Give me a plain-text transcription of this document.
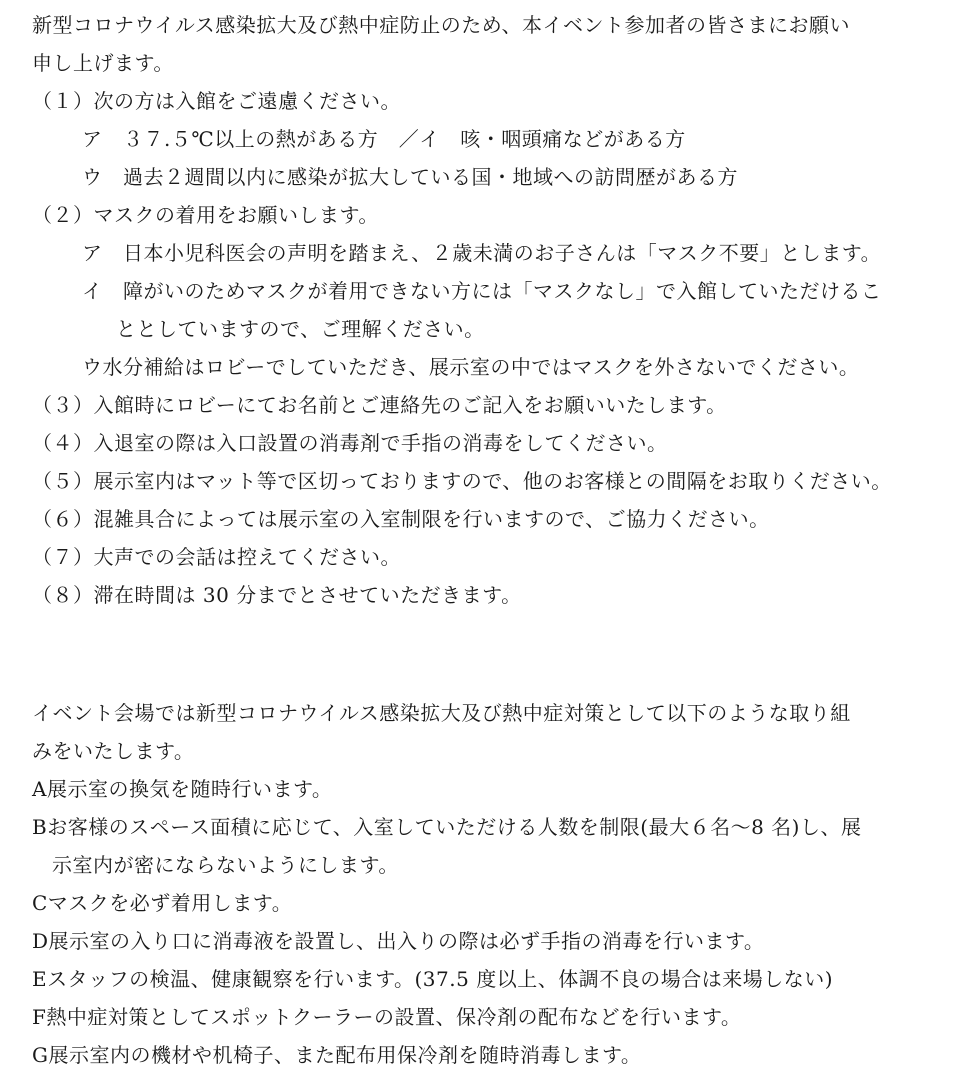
新型コロナウイルス感染拡大及び熱中症防止のため、本イベント参加者の皆さまにお願い
申し上げます。
（１）次の方は入館をご遠慮ください。
ア　３７.５℃以上の熱がある方　／イ　咳・咽頭痛などがある方
ウ　過去２週間以内に感染が拡大している国・地域への訪問歴がある方
（２）マスクの着用をお願いします。
ア　日本小児科医会の声明を踏まえ、２歳未満のお子さんは「マスク不要」とします。
イ　障がいのためマスクが着用できない方には「マスクなし」で入館していただけるこ
ととしていますので、ご理解ください。
ウ水分補給はロビーでしていただき、展示室の中ではマスクを外さないでください。
（３）入館時にロビーにてお名前とご連絡先のご記入をお願いいたします。
（４）入退室の際は入口設置の消毒剤で手指の消毒をしてください。
（５）展示室内はマット等で区切っておりますので、他のお客様との間隔をお取りください。
（６）混雑具合によっては展示室の入室制限を行いますので、ご協力ください。
（７）大声での会話は控えてください。
（８）滞在時間は 30 分までとさせていただきます。
イベント会場では新型コロナウイルス感染拡大及び熱中症対策として以下のような取り組
みをいたします。
A展示室の換気を随時行います。
Bお客様のスペース面積に応じて、入室していただける人数を制限(最大６名〜8 名)し、展
示室内が密にならないようにします。
Cマスクを必ず着用します。
D展示室の入り口に消毒液を設置し、出入りの際は必ず手指の消毒を行います。
Eスタッフの検温、健康観察を行います。(37.5 度以上、体調不良の場合は来場しない)
F熱中症対策としてスポットクーラーの設置、保冷剤の配布などを行います。
G展示室内の機材や机椅子、また配布用保冷剤を随時消毒します。
